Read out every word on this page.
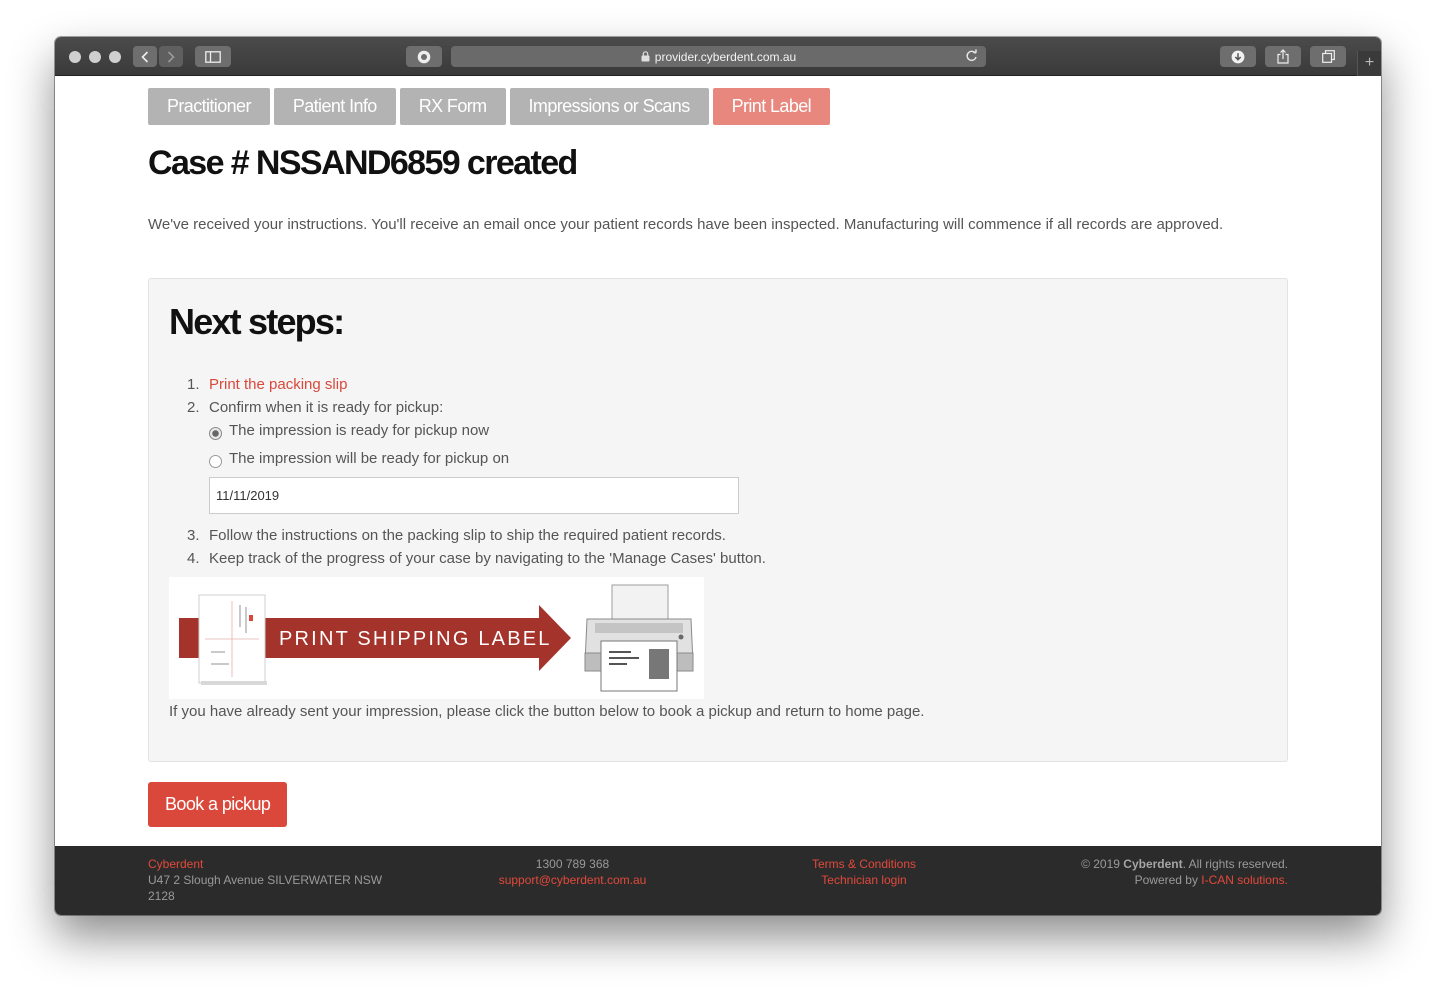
provider.cyberdent.com.au	+
Practitioner	Patient Info	RX Form	Impressions or Scans	Print Label
Case # NSSAND6859 created

We've received your instructions. You'll receive an email once your patient records have been inspected. Manufacturing will commence if all records are approved.

Next steps:
1. Print the packing slip
2. Confirm when it is ready for pickup:
The impression is ready for pickup now
The impression will be ready for pickup on
11/11/2019
3. Follow the instructions on the packing slip to ship the required patient records.
4. Keep track of the progress of your case by navigating to the 'Manage Cases' button.
PRINT SHIPPING LABEL

If you have already sent your impression, please click the button below to book a pickup and return to home page.

Book a pickup
Cyberdent
U47 2 Slough Avenue SILVERWATER NSW 2128
1300 789 368
support@cyberdent.com.au
Terms & Conditions
Technician login
© 2019 Cyberdent. All rights reserved.
Powered by I-CAN solutions.
